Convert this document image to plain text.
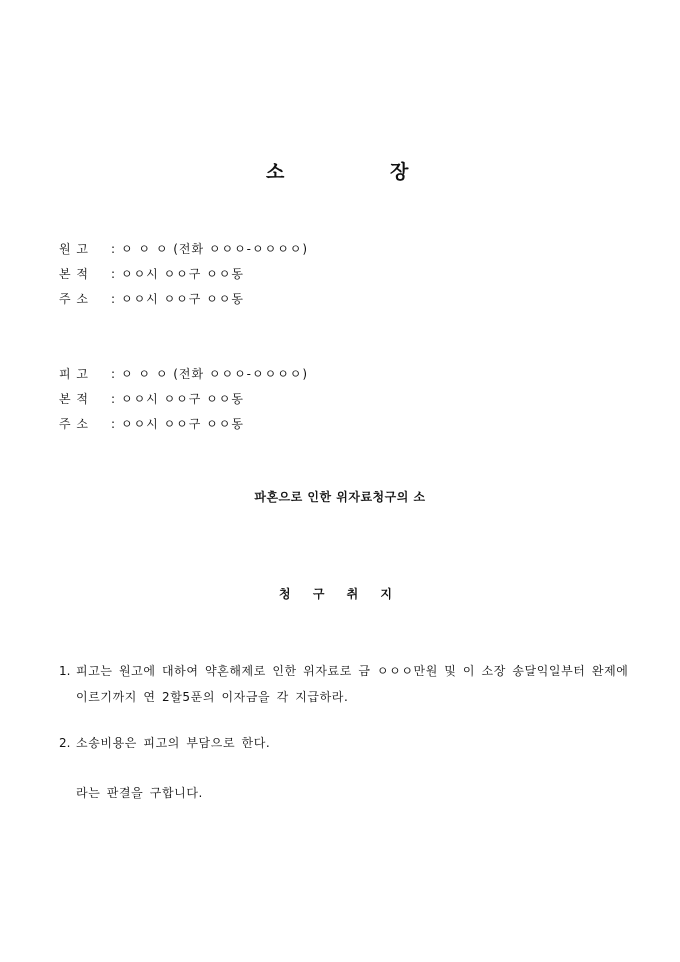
소	장
원 고 : ㅇ ㅇ ㅇ (전화 ㅇㅇㅇ-ㅇㅇㅇㅇ)
본 적 : ㅇㅇ시 ㅇㅇ구 ㅇㅇ동
주 소 : ㅇㅇ시 ㅇㅇ구 ㅇㅇ동
피 고 : ㅇ ㅇ ㅇ (전화 ㅇㅇㅇ-ㅇㅇㅇㅇ)
본 적 : ㅇㅇ시 ㅇㅇ구 ㅇㅇ동
주 소 : ㅇㅇ시 ㅇㅇ구 ㅇㅇ동
파혼으로 인한 위자료청구의 소
청 구 취 지
1. 피고는 원고에 대하여 약혼해제로 인한 위자료로 금 ㅇㅇㅇ만원 및 이 소장 송달익일부터 완제에 이르기까지 연 2할5푼의 이자금을 각 지급하라.
2. 소송비용은 피고의 부담으로 한다.
라는 판결을 구합니다.
